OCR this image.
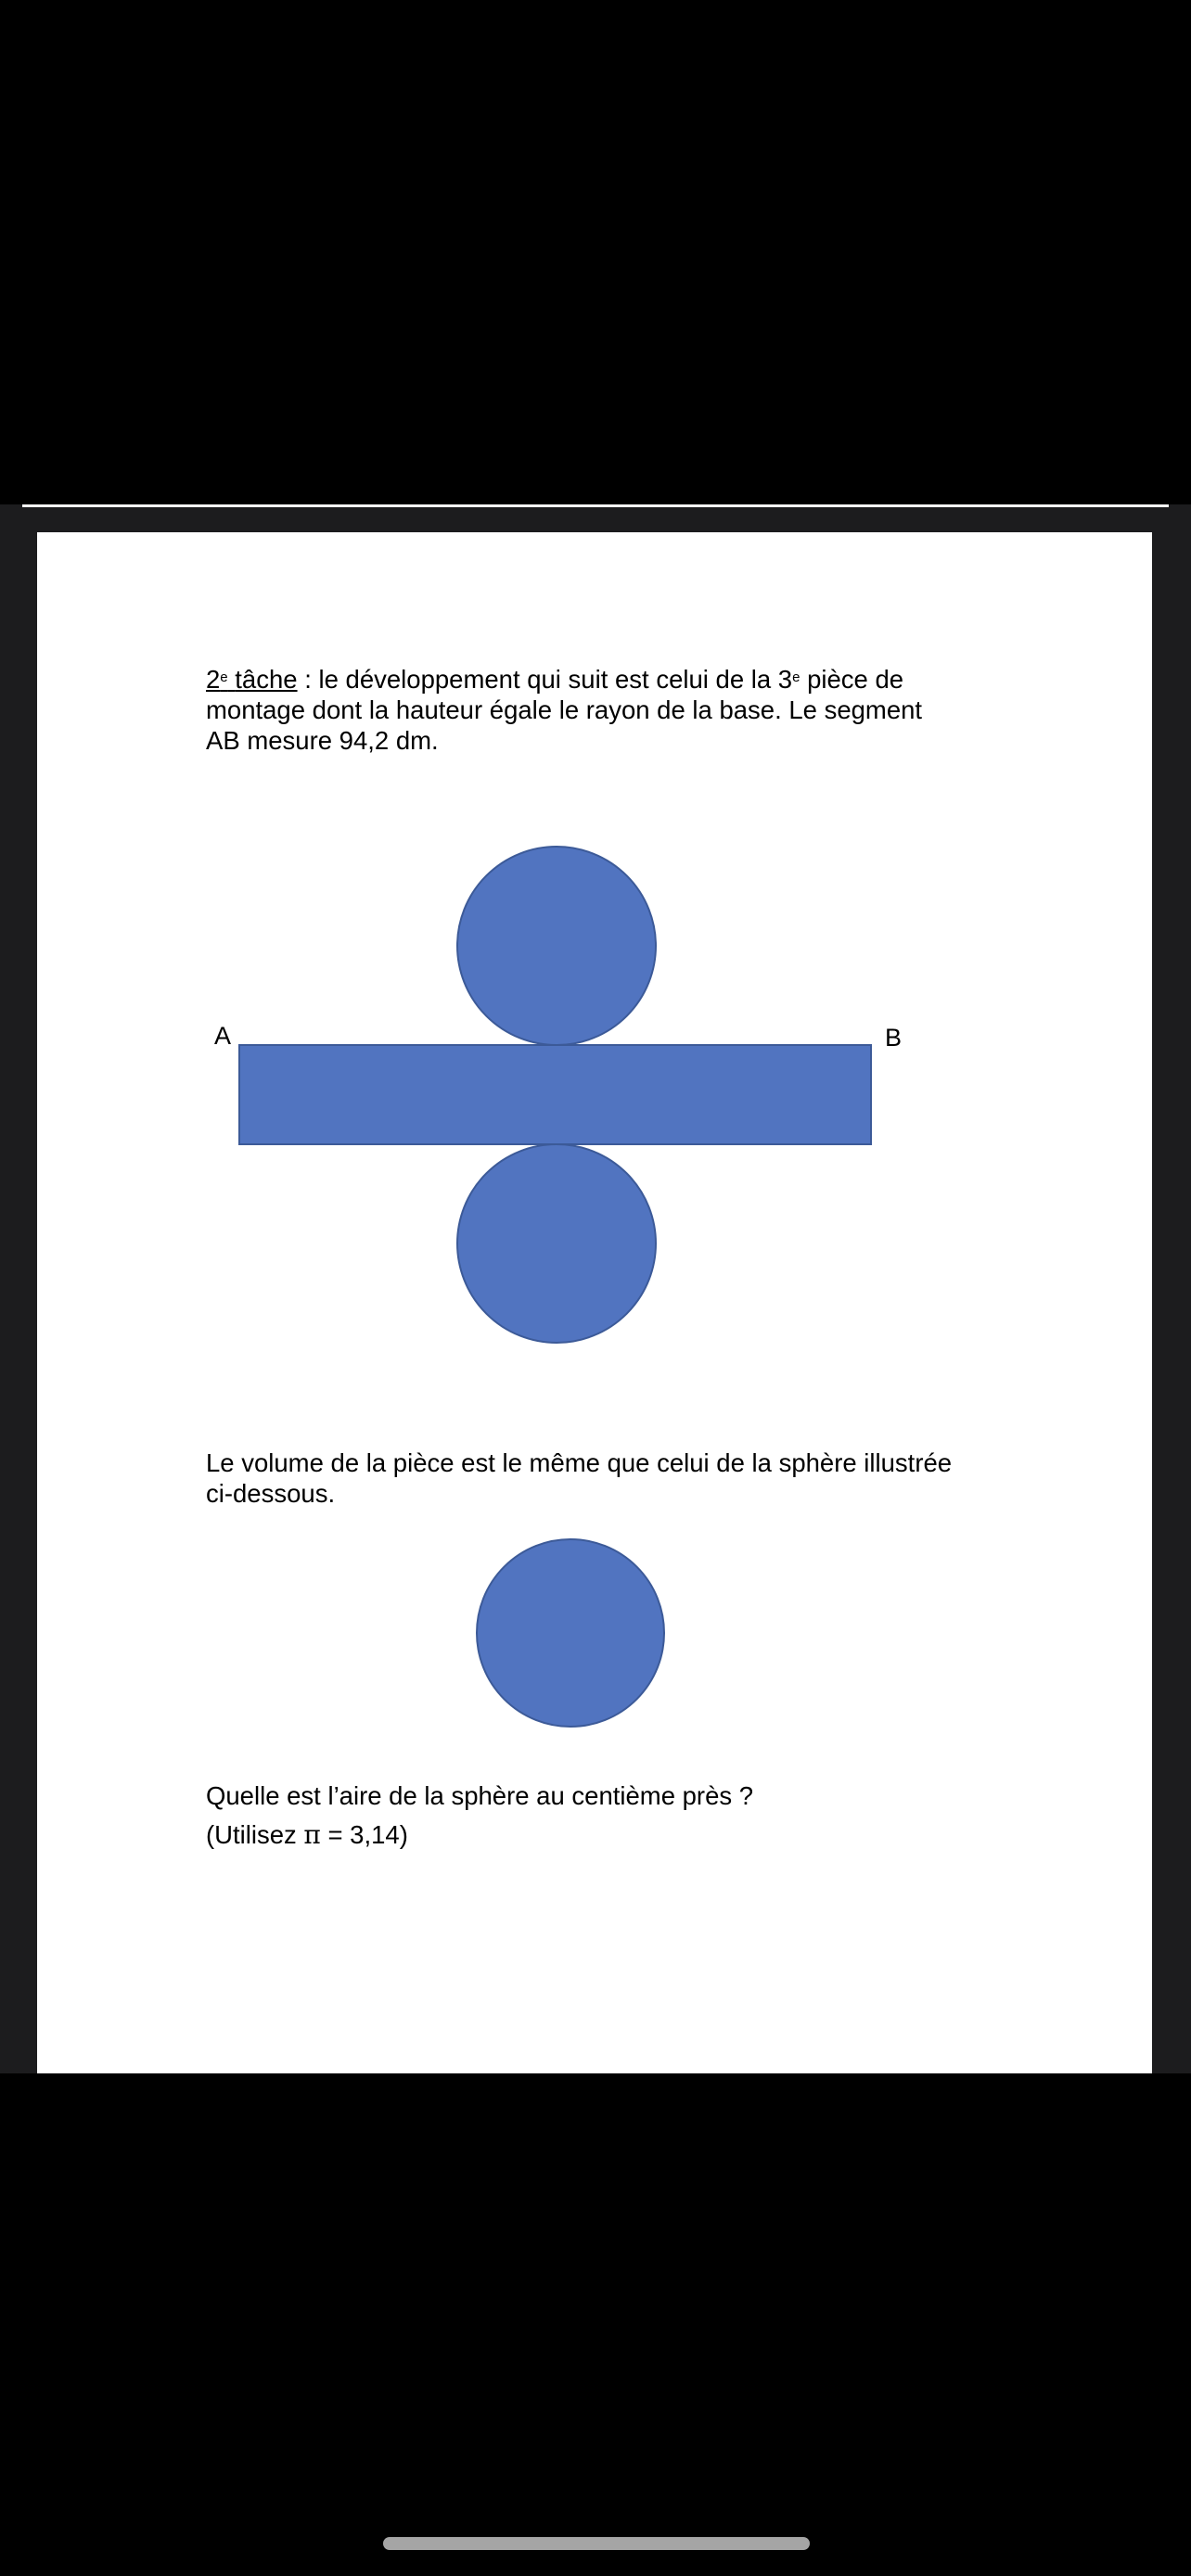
2e tâche : le développement qui suit est celui de la 3e pièce de
montage dont la hauteur égale le rayon de la base. Le segment
AB mesure 94,2 dm.
A	B
Le volume de la pièce est le même que celui de la sphère illustrée
ci-dessous.
Quelle est l’aire de la sphère au centième près ?
(Utilisez π = 3,14)
